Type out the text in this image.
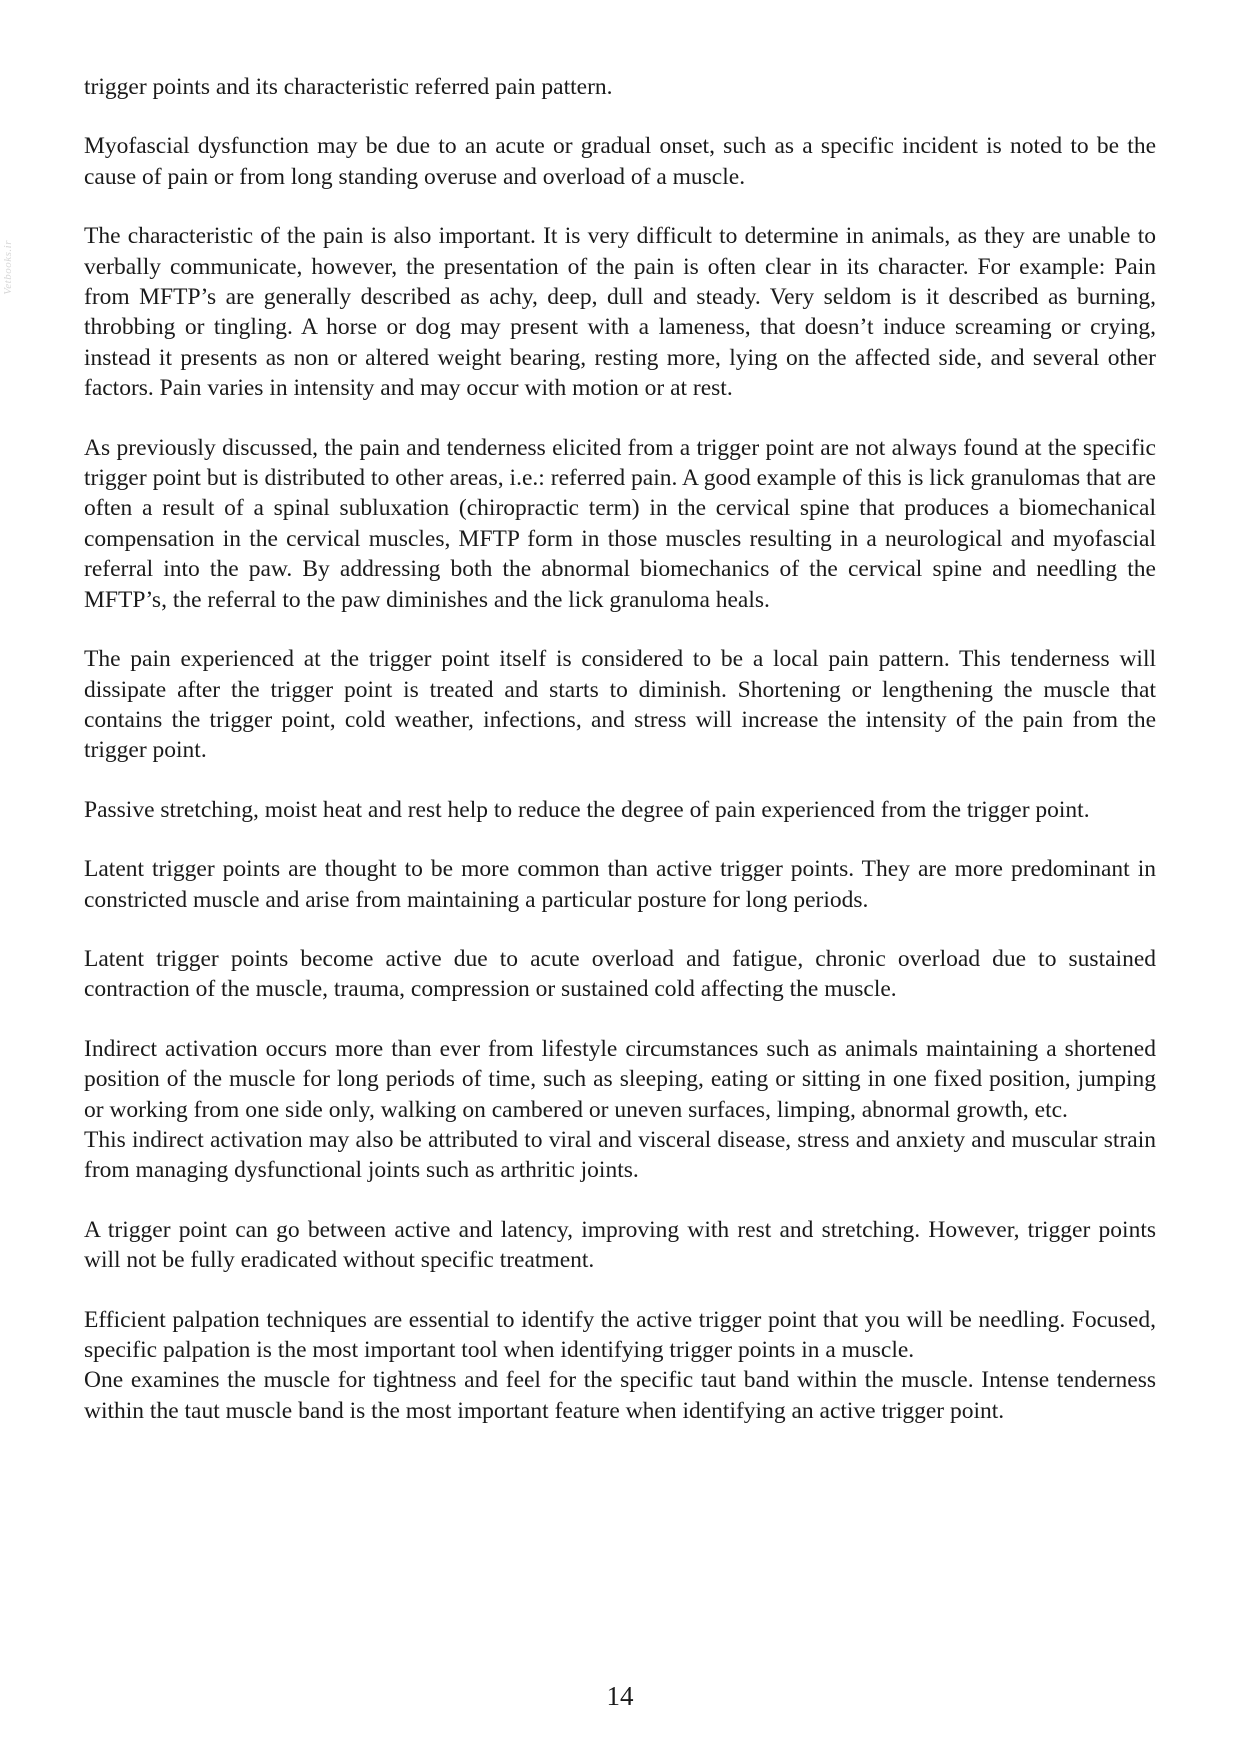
Vetbooks.ir

trigger points and its characteristic referred pain pattern.

Myofascial dysfunction may be due to an acute or gradual onset, such as a specific incident is noted to be the cause of pain or from long standing overuse and overload of a muscle.

The characteristic of the pain is also important. It is very difficult to determine in animals, as they are unable to verbally communicate, however, the presentation of the pain is often clear in its character. For example: Pain from MFTP’s are generally described as achy, deep, dull and steady. Very seldom is it described as burning, throbbing or tingling. A horse or dog may present with a lameness, that doesn’t induce screaming or crying, instead it presents as non or altered weight bearing, resting more, lying on the affected side, and several other factors. Pain varies in intensity and may occur with motion or at rest.

As previously discussed, the pain and tenderness elicited from a trigger point are not always found at the specific trigger point but is distributed to other areas, i.e.: referred pain. A good example of this is lick granulomas that are often a result of a spinal subluxation (chiropractic term) in the cervical spine that produces a biomechanical compensation in the cervical muscles, MFTP form in those muscles resulting in a neurological and myofascial referral into the paw. By addressing both the abnormal biomechanics of the cervical spine and needling the MFTP’s, the referral to the paw diminishes and the lick granuloma heals.

The pain experienced at the trigger point itself is considered to be a local pain pattern. This tenderness will dissipate after the trigger point is treated and starts to diminish. Shortening or lengthening the muscle that contains the trigger point, cold weather, infections, and stress will increase the intensity of the pain from the trigger point.

Passive stretching, moist heat and rest help to reduce the degree of pain experienced from the trigger point.

Latent trigger points are thought to be more common than active trigger points. They are more predominant in constricted muscle and arise from maintaining a particular posture for long periods.

Latent trigger points become active due to acute overload and fatigue, chronic overload due to sustained contraction of the muscle, trauma, compression or sustained cold affecting the muscle.

Indirect activation occurs more than ever from lifestyle circumstances such as animals maintaining a shortened position of the muscle for long periods of time, such as sleeping, eating or sitting in one fixed position, jumping or working from one side only, walking on cambered or uneven surfaces, limping, abnormal growth, etc.

This indirect activation may also be attributed to viral and visceral disease, stress and anxiety and muscular strain from managing dysfunctional joints such as arthritic joints.

A trigger point can go between active and latency, improving with rest and stretching. However, trigger points will not be fully eradicated without specific treatment.

Efficient palpation techniques are essential to identify the active trigger point that you will be needling. Focused, specific palpation is the most important tool when identifying trigger points in a muscle.

One examines the muscle for tightness and feel for the specific taut band within the muscle. Intense tenderness within the taut muscle band is the most important feature when identifying an active trigger point.

14
